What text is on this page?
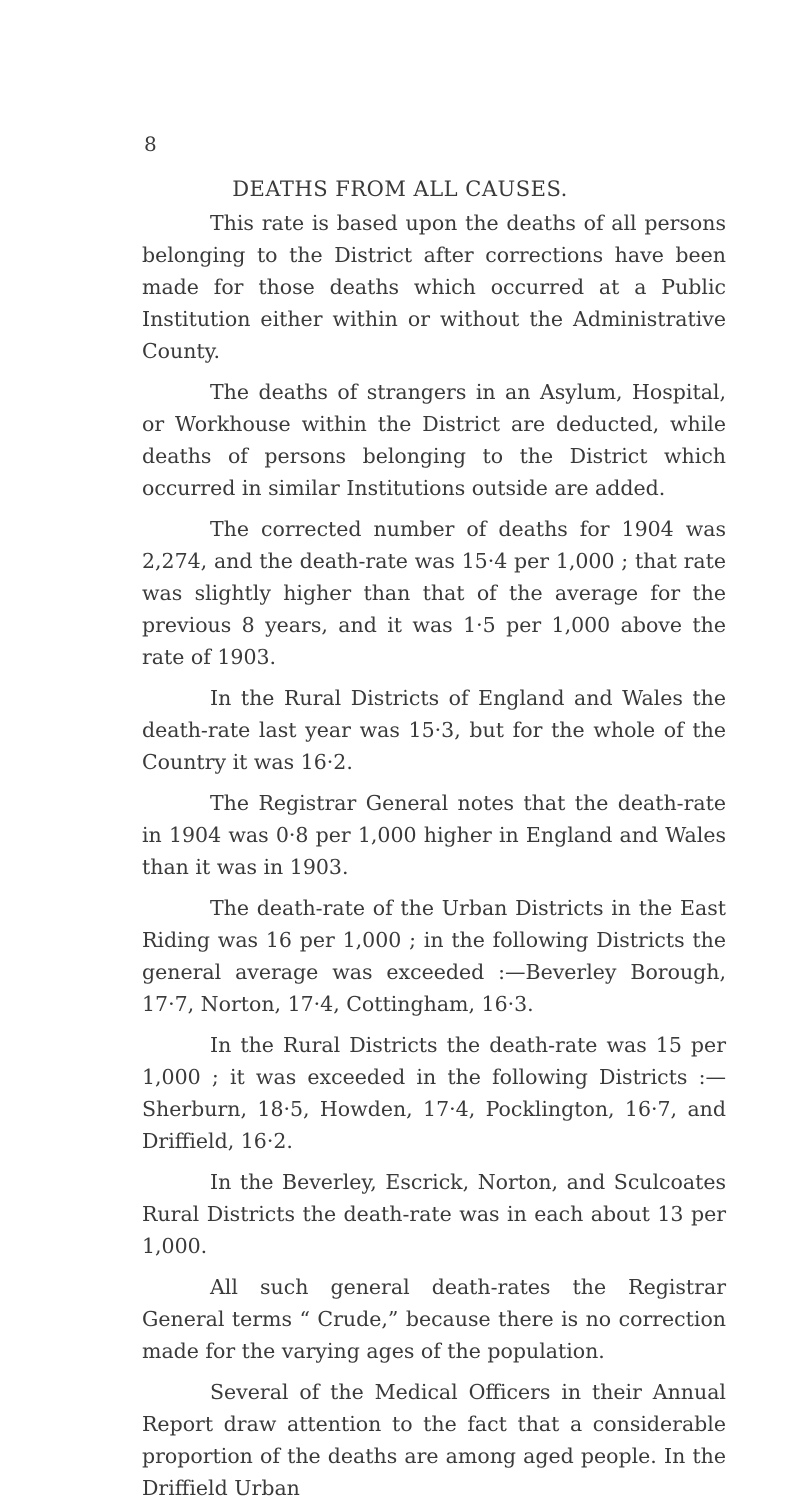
8
DEATHS FROM ALL CAUSES.

This rate is based upon the deaths of all persons belonging to the District after corrections have been made for those deaths which occurred at a Public Institution either within or without the Administrative County.

The deaths of strangers in an Asylum, Hospital, or Workhouse within the District are deducted, while deaths of persons belonging to the District which occurred in similar Institutions outside are added.

The corrected number of deaths for 1904 was 2,274, and the death-rate was 15·4 per 1,000 ; that rate was slightly higher than that of the average for the previous 8 years, and it was 1·5 per 1,000 above the rate of 1903.

In the Rural Districts of England and Wales the death-rate last year was 15·3, but for the whole of the Country it was 16·2.

The Registrar General notes that the death-rate in 1904 was 0·8 per 1,000 higher in England and Wales than it was in 1903.

The death-rate of the Urban Districts in the East Riding was 16 per 1,000 ; in the following Districts the general average was exceeded :—Beverley Borough, 17·7, Norton, 17·4, Cottingham, 16·3.

In the Rural Districts the death-rate was 15 per 1,000 ; it was exceeded in the following Districts :—Sherburn, 18·5, Howden, 17·4, Pocklington, 16·7, and Driffield, 16·2.

In the Beverley, Escrick, Norton, and Sculcoates Rural Districts the death-rate was in each about 13 per 1,000.

All such general death-rates the Registrar General terms “ Crude,” because there is no correction made for the varying ages of the population.

Several of the Medical Officers in their Annual Report draw attention to the fact that a considerable proportion of the deaths are among aged people. In the Driffield Urban
